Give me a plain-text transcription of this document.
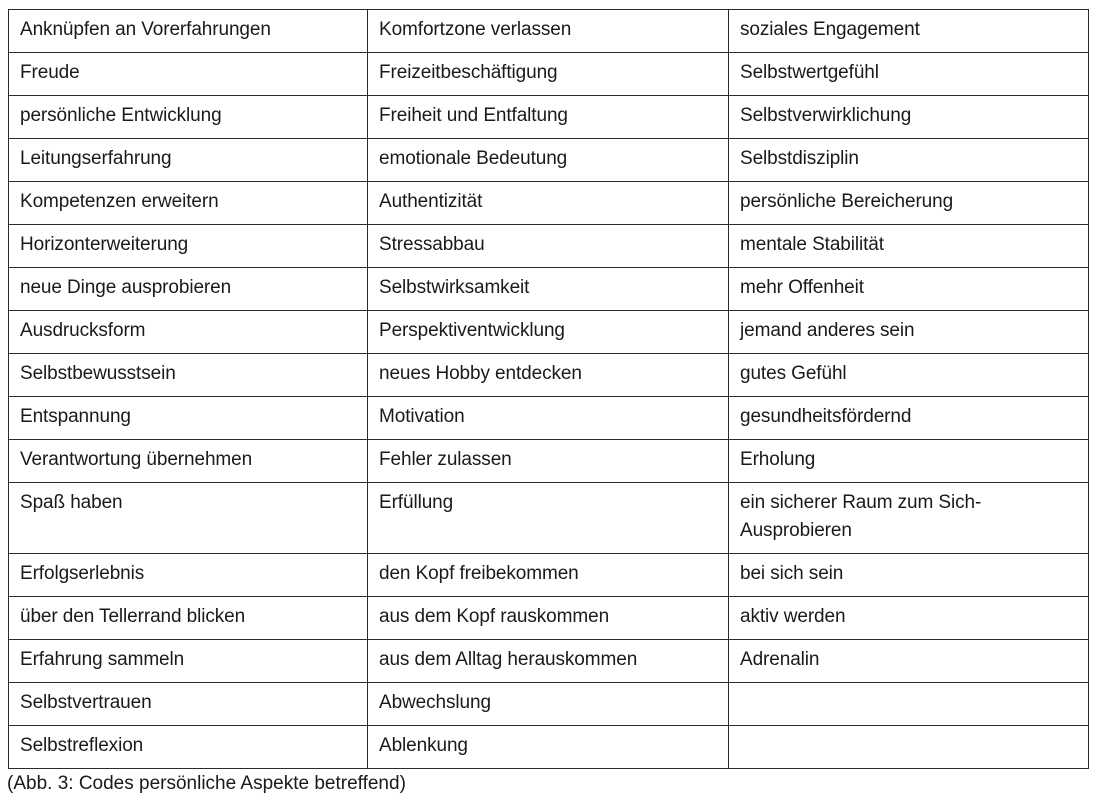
Anknüpfen an Vorerfahrungen	Komfortzone verlassen	soziales Engagement
Freude	Freizeitbeschäftigung	Selbstwertgefühl
persönliche Entwicklung	Freiheit und Entfaltung	Selbstverwirklichung
Leitungserfahrung	emotionale Bedeutung	Selbstdisziplin
Kompetenzen erweitern	Authentizität	persönliche Bereicherung
Horizonterweiterung	Stressabbau	mentale Stabilität
neue Dinge ausprobieren	Selbstwirksamkeit	mehr Offenheit
Ausdrucksform	Perspektiventwicklung	jemand anderes sein
Selbstbewusstsein	neues Hobby entdecken	gutes Gefühl
Entspannung	Motivation	gesundheitsfördernd
Verantwortung übernehmen	Fehler zulassen	Erholung
Spaß haben	Erfüllung	ein sicherer Raum zum Sich-Ausprobieren
Erfolgserlebnis	den Kopf freibekommen	bei sich sein
über den Tellerrand blicken	aus dem Kopf rauskommen	aktiv werden
Erfahrung sammeln	aus dem Alltag herauskommen	Adrenalin
Selbstvertrauen	Abwechslung	
Selbstreflexion	Ablenkung	
(Abb. 3: Codes persönliche Aspekte betreffend)
